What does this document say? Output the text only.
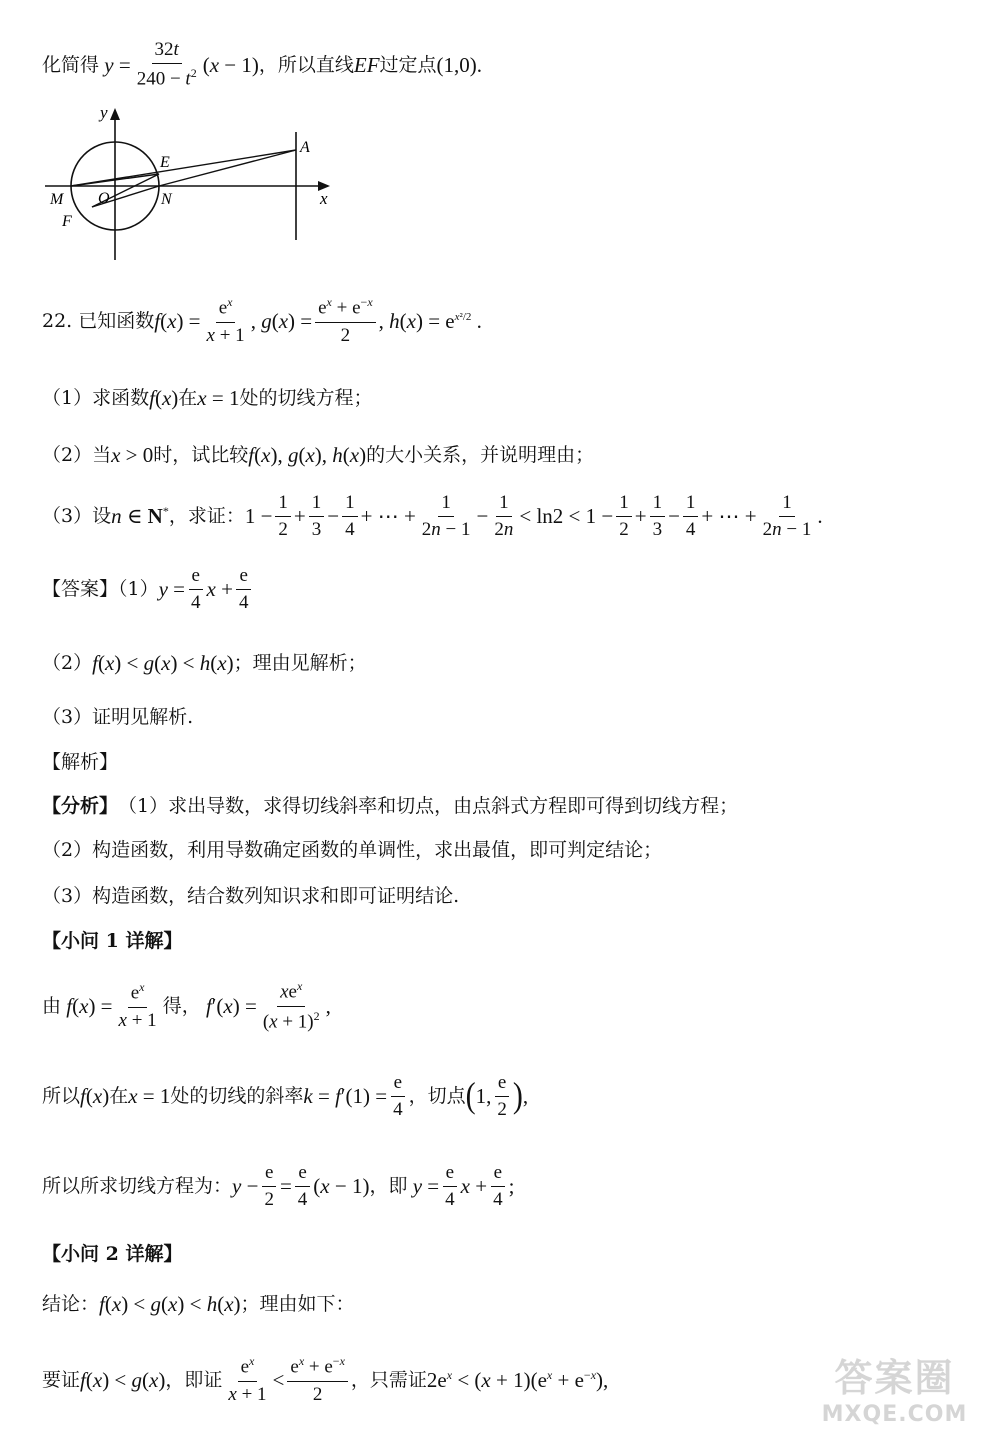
化简得 $y = \frac{32t}{240 - t^2} (x - 1)$ ，所以直线 EF 过定点 (1,0) .
y
x
E
A
M O	N
F
22. 已知函数 $f(x) = \frac{e^x}{x + 1}$ , $g(x) = \frac{e^x + e^{-x}}{2}$ , $h(x) = e^{x^2/2}$ .
（1）求函数 f(x) 在 x = 1 处的切线方程；
（2）当 x > 0 时，试比较 f(x), g(x), h(x) 的大小关系，并说明理由；
（3）设 n ∈ N* ，求证： $1 - \frac{1}{2} + \frac{1}{3} - \frac{1}{4}$ + ⋯ + $\frac{1}{2n - 1} - \frac{1}{2n} < \ln 2 < 1 - \frac{1}{2} + \frac{1}{3} - \frac{1}{4}$ + ⋯ + $\frac{1}{2n - 1}$ .
【答案】（1） $y = \frac{e}{4}$ $x + \frac{e}{4}$
（2） f(x) < g(x) < h(x) ；理由见解析；
（3）证明见解析.
【解析】
【分析】 （1）求出导数，求得切线斜率和切点，由点斜式方程即可得到切线方程；
（2）构造函数，利用导数确定函数的单调性，求出最值，即可判定结论；
（3）构造函数，结合数列知识求和即可证明结论.
【小问 1 详解】
由 $f(x) = \frac{e^x}{x + 1}$ 得， $f'(x) = \frac{xe^x}{(x + 1)^2}$ ,
所以 f(x) 在 x = 1 处的切线的斜率 $k = f'(1) = \frac{e}{4}$ ，切点 ( 1, $\frac{e}{2}$ ) ,
所以所求切线方程为： $y - \frac{e}{2} = \frac{e}{4} (x - 1)$ ，即 $y = \frac{e}{4}$ $x + \frac{e}{4}$ ;
【小问 2 详解】
结论： f(x) < g(x) < h(x) ；理由如下：
要证 f(x) < g(x) ，即证 $\frac{e^x}{x + 1} < \frac{e^x + e^{-x}}{2}$ ，只需证 $2e^x < (x + 1)(e^x + e^{-x})$,	答案圈
MXQE.COM
